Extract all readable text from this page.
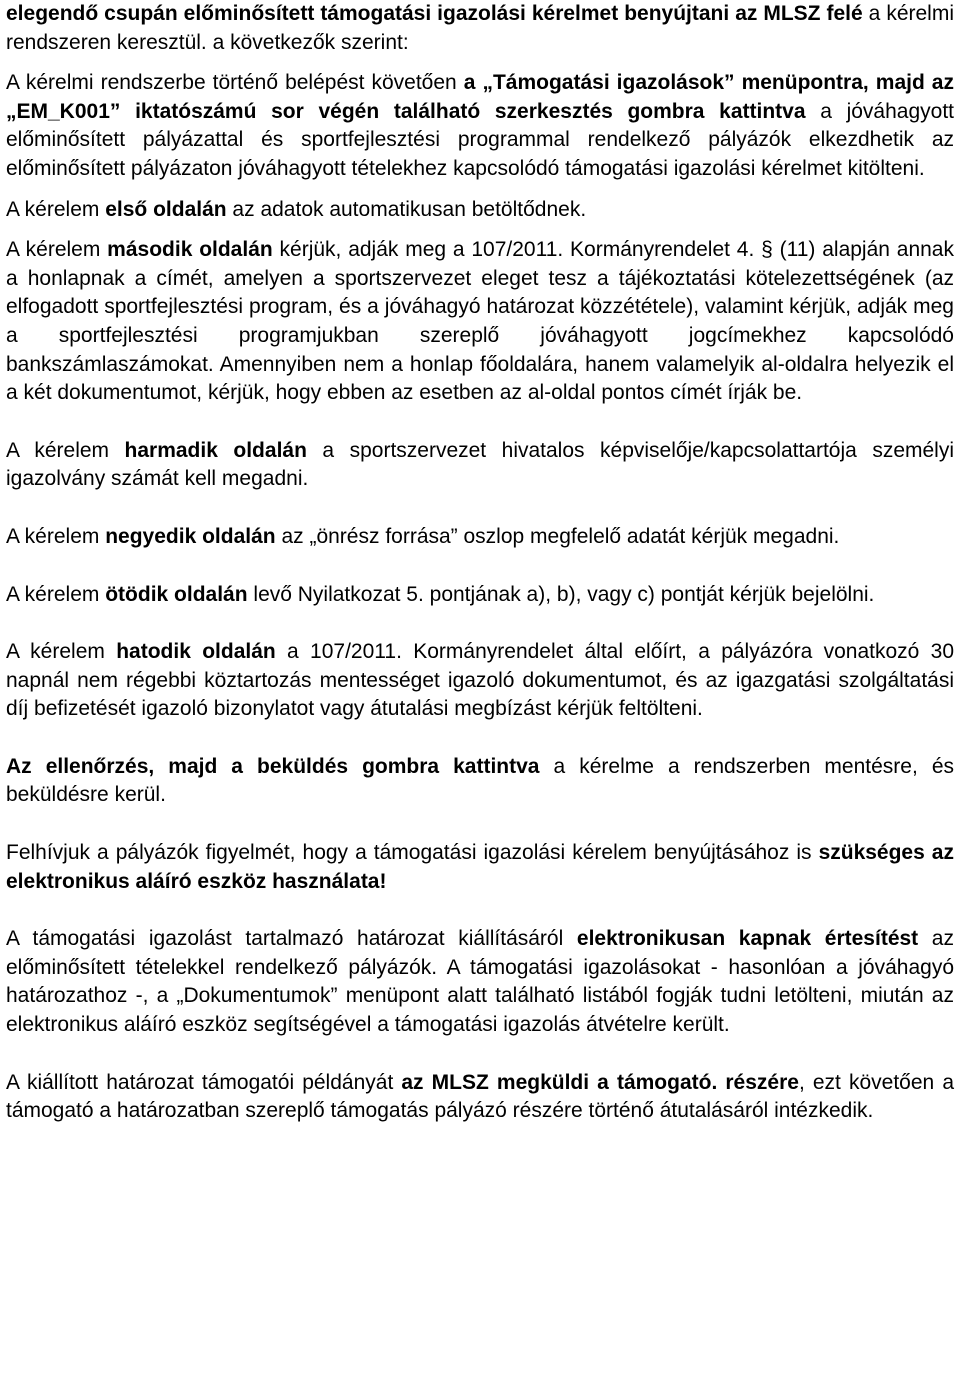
elegendő csupán előminősített támogatási igazolási kérelmet benyújtani az MLSZ felé a kérelmi rendszeren keresztül. a következők szerint:

A kérelmi rendszerbe történő belépést követően a „Támogatási igazolások” menüpontra, majd az „EM_K001” iktatószámú sor végén található szerkesztés gombra kattintva a jóváhagyott előminősített pályázattal és sportfejlesztési programmal rendelkező pályázók elkezdhetik az előminősített pályázaton jóváhagyott tételekhez kapcsolódó támogatási igazolási kérelmet kitölteni.

A kérelem első oldalán az adatok automatikusan betöltődnek.

A kérelem második oldalán kérjük, adják meg a 107/2011. Kormányrendelet 4. § (11) alapján annak a honlapnak a címét, amelyen a sportszervezet eleget tesz a tájékoztatási kötelezettségének (az elfogadott sportfejlesztési program, és a jóváhagyó határozat közzététele), valamint kérjük, adják meg a sportfejlesztési programjukban szereplő jóváhagyott jogcímekhez kapcsolódó bankszámlaszámokat. Amennyiben nem a honlap főoldalára, hanem valamelyik al-oldalra helyezik el a két dokumentumot, kérjük, hogy ebben az esetben az al-oldal pontos címét írják be.

A kérelem harmadik oldalán a sportszervezet hivatalos képviselője/kapcsolattartója személyi igazolvány számát kell megadni.

A kérelem negyedik oldalán az „önrész forrása” oszlop megfelelő adatát kérjük megadni.

A kérelem ötödik oldalán levő Nyilatkozat 5. pontjának a), b), vagy c) pontját kérjük bejelölni.

A kérelem hatodik oldalán a 107/2011. Kormányrendelet által előírt, a pályázóra vonatkozó 30 napnál nem régebbi köztartozás mentességet igazoló dokumentumot, és az igazgatási szolgáltatási díj befizetését igazoló bizonylatot vagy átutalási megbízást kérjük feltölteni.

Az ellenőrzés, majd a beküldés gombra kattintva a kérelme a rendszerben mentésre, és beküldésre kerül.

Felhívjuk a pályázók figyelmét, hogy a támogatási igazolási kérelem benyújtásához is szükséges az elektronikus aláíró eszköz használata!

A támogatási igazolást tartalmazó határozat kiállításáról elektronikusan kapnak értesítést az előminősített tételekkel rendelkező pályázók. A támogatási igazolásokat - hasonlóan a jóváhagyó határozathoz -, a „Dokumentumok” menüpont alatt található listából fogják tudni letölteni, miután az elektronikus aláíró eszköz segítségével a támogatási igazolás átvételre került.

A kiállított határozat támogatói példányát az MLSZ megküldi a támogató. részére, ezt követően a támogató a határozatban szereplő támogatás pályázó részére történő átutalásáról intézkedik.
